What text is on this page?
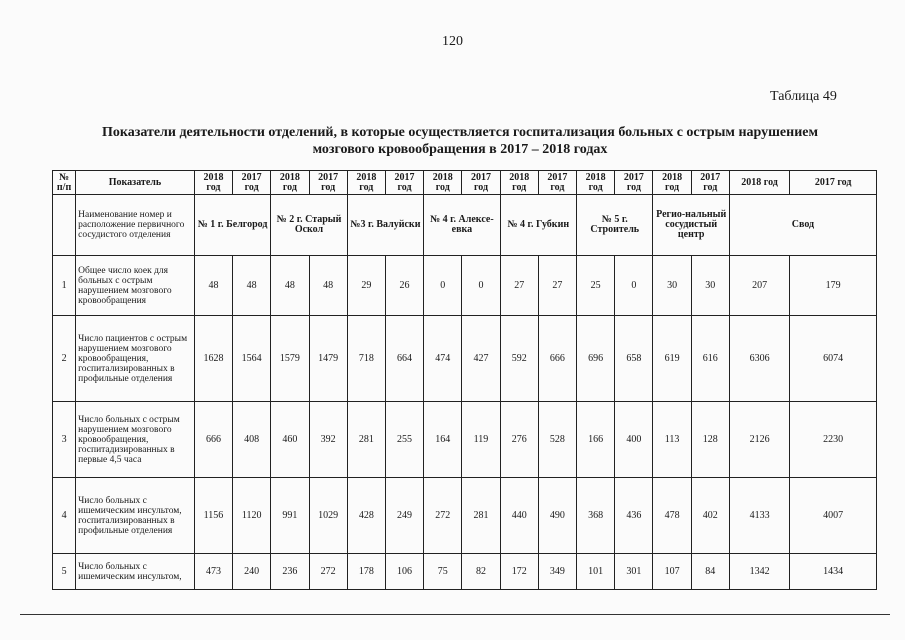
120
Таблица 49
Показатели деятельности отделений, в которые осуществляется госпитализация больных с острым нарушением
мозгового кровообращения в 2017 – 2018 годах
№ п/п	Показатель	2018 год	2017 год	2018 год	2017 год	2018 год	2017 год	2018 год	2017 год	2018 год	2017 год	2018 год	2017 год	2018 год	2017 год	2018 год	2017 год
	Наименование номер и расположение первичного сосудистого отделения	№ 1 г. Белгород		№ 2 г. Старый Оскол		№3 г. Валуйски		№ 4 г. Алексе-евка		№ 4 г. Губкин		№ 5 г. Строитель		Регио-нальный сосудистый центр		Свод	
1	Общее число коек для больных с острым нарушением мозгового кровообращения	48	48	48	48	29	26	0	0	27	27	25	0	30	30	207	179
2	Число пациентов с острым нарушением мозгового кровообращения, госпитализированных в профильные отделения	1628	1564	1579	1479	718	664	474	427	592	666	696	658	619	616	6306	6074
3	Число больных с острым нарушением мозгового кровообращения, госпитадизированных в первые 4,5 часа	666	408	460	392	281	255	164	119	276	528	166	400	113	128	2126	2230
4	Число больных с ишемическим инсультом, госпитализированных в профильные отделения	1156	1120	991	1029	428	249	272	281	440	490	368	436	478	402	4133	4007
5	Число больных с ишемическим инсультом,	473	240	236	272	178	106	75	82	172	349	101	301	107	84	1342	1434
